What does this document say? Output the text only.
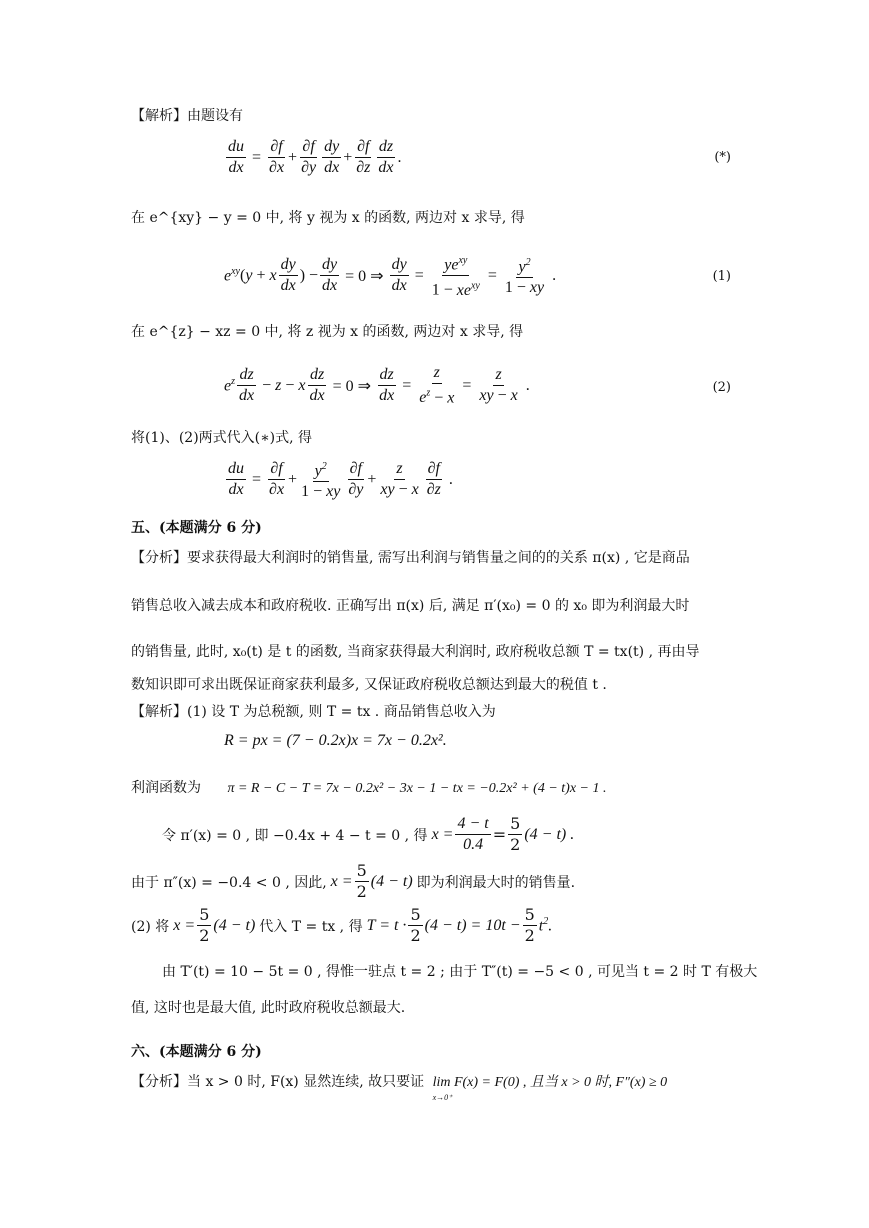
【解析】由题设有
$\frac{du}{dx} = \frac{\partial f}{\partial x} + \frac{\partial f}{\partial y} \frac{dy}{dx} + \frac{\partial f}{\partial z} \frac{dz}{dx}$ .	(*)
在 e^{xy} − y = 0 中, 将 y 视为 x 的函数, 两边对 x 求导, 得
$e^{xy}$ ( y + x $\frac{dy}{dx}$ ) − $\frac{dy}{dx} = 0$ ⇒ $\frac{dy}{dx} = \frac{ye^{xy}}{1 - xe^{xy}} = \frac{y^2}{1 - xy}$ .	(1)
在 e^{z} − xz = 0 中, 将 z 视为 x 的函数, 两边对 x 求导, 得
$e^z \frac{dz}{dx} - z - x \frac{dz}{dx} = 0$ ⇒ $\frac{dz}{dx} = \frac{z}{e^z - x} = \frac{z}{xy - x}$ .	(2)
将(1)、(2)两式代入(∗)式, 得
$\frac{du}{dx} = \frac{\partial f}{\partial x} + \frac{y^2}{1 - xy} \frac{\partial f}{\partial y} + \frac{z}{xy - x} \frac{\partial f}{\partial z}$ .
五、(本题满分 6 分)
【分析】要求获得最大利润时的销售量, 需写出利润与销售量之间的的关系 π(x) , 它是商品
销售总收入减去成本和政府税收. 正确写出 π(x) 后, 满足 π′(x₀) = 0 的 x₀ 即为利润最大时
的销售量, 此时, x₀(t) 是 t 的函数, 当商家获得最大利润时, 政府税收总额 T = tx(t) , 再由导
数知识即可求出既保证商家获利最多, 又保证政府税收总额达到最大的税值 t .
【解析】(1) 设 T 为总税额, 则 T = tx . 商品销售总收入为
R = px = (7 − 0.2x)x = 7x − 0.2x².
利润函数为 π = R − C − T = 7x − 0.2x² − 3x − 1 − tx = −0.2x² + (4 − t)x − 1 .
令 π′(x) = 0 , 即 −0.4x + 4 − t = 0 , 得 $x = \frac{4 - t}{0.4} = \frac{5}{2} (4 - t)$ .
由于 π″(x) = −0.4 < 0 , 因此, $x = \frac{5}{2} (4 - t)$ 即为利润最大时的销售量.
(2) 将 $x = \frac{5}{2} (4 - t)$ 代入 T = tx , 得 $T = t \cdot \frac{5}{2} (4 - t) = 10t - \frac{5}{2} t^2$.
由 T′(t) = 10 − 5t = 0 , 得惟一驻点 t = 2 ; 由于 T″(t) = −5 < 0 , 可见当 t = 2 时 T 有极大
值, 这时也是最大值, 此时政府税收总额最大.
六、(本题满分 6 分)
【分析】当 x > 0 时, F(x) 显然连续, 故只要证 lim F(x) = F(0) , 且当 x > 0 时, F″(x) ≥ 0
x→0⁺
